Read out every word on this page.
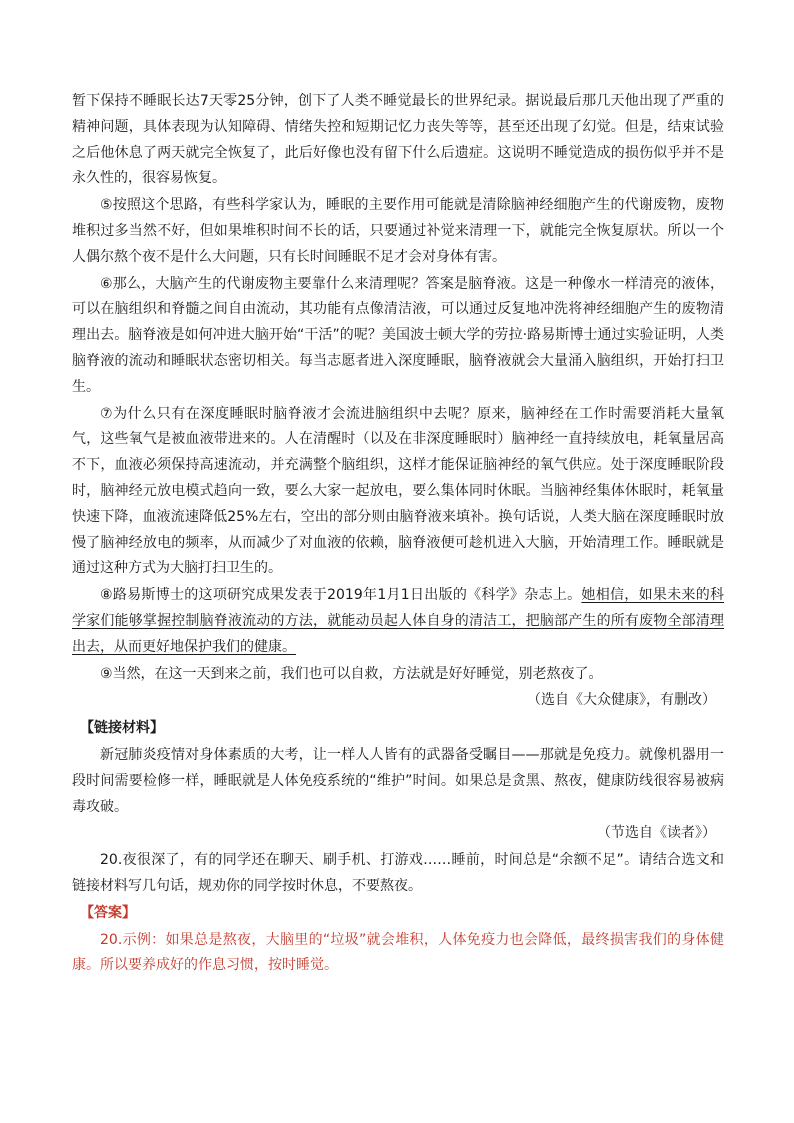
暂下保持不睡眠长达7天零25分钟，创下了人类不睡觉最长的世界纪录。据说最后那几天他出现了严重的精神问题，具体表现为认知障碍、情绪失控和短期记忆力丧失等等，甚至还出现了幻觉。但是，结束试验之后他休息了两天就完全恢复了，此后好像也没有留下什么后遗症。这说明不睡觉造成的损伤似乎并不是永久性的，很容易恢复。

⑤按照这个思路，有些科学家认为，睡眠的主要作用可能就是清除脑神经细胞产生的代谢废物，废物堆积过多当然不好，但如果堆积时间不长的话，只要通过补觉来清理一下，就能完全恢复原状。所以一个人偶尔熬个夜不是什么大问题，只有长时间睡眠不足才会对身体有害。

⑥那么，大脑产生的代谢废物主要靠什么来清理呢？答案是脑脊液。这是一种像水一样清亮的液体，可以在脑组织和脊髓之间自由流动，其功能有点像清洁液，可以通过反复地冲洗将神经细胞产生的废物清理出去。脑脊液是如何冲进大脑开始“干活”的呢？美国波士顿大学的劳拉·路易斯博士通过实验证明，人类脑脊液的流动和睡眠状态密切相关。每当志愿者进入深度睡眠，脑脊液就会大量涌入脑组织，开始打扫卫生。

⑦为什么只有在深度睡眠时脑脊液才会流进脑组织中去呢？原来，脑神经在工作时需要消耗大量氧气，这些氧气是被血液带进来的。人在清醒时（以及在非深度睡眠时）脑神经一直持续放电，耗氧量居高不下，血液必须保持高速流动，并充满整个脑组织，这样才能保证脑神经的氧气供应。处于深度睡眠阶段时，脑神经元放电模式趋向一致，要么大家一起放电，要么集体同时休眠。当脑神经集体休眠时，耗氧量快速下降，血液流速降低25%左右，空出的部分则由脑脊液来填补。换句话说，人类大脑在深度睡眠时放慢了脑神经放电的频率，从而减少了对血液的依赖，脑脊液便可趁机进入大脑，开始清理工作。睡眠就是通过这种方式为大脑打扫卫生的。

⑧路易斯博士的这项研究成果发表于2019年1月1日出版的《科学》杂志上。她相信，如果未来的科学家们能够掌握控制脑脊液流动的方法，就能动员起人体自身的清洁工，把脑部产生的所有废物全部清理出去，从而更好地保护我们的健康。

⑨当然，在这一天到来之前，我们也可以自救，方法就是好好睡觉，别老熬夜了。

（选自《大众健康》，有删改）

【链接材料】

新冠肺炎疫情对身体素质的大考，让一样人人皆有的武器备受瞩目——那就是免疫力。就像机器用一段时间需要检修一样，睡眠就是人体免疫系统的“维护”时间。如果总是贪黑、熬夜，健康防线很容易被病毒攻破。

（节选自《读者》）

20.夜很深了，有的同学还在聊天、刷手机、打游戏……睡前，时间总是“余额不足”。请结合选文和链接材料写几句话，规劝你的同学按时休息，不要熬夜。

【答案】

20.示例：如果总是熬夜，大脑里的“垃圾”就会堆积，人体免疫力也会降低，最终损害我们的身体健康。所以要养成好的作息习惯，按时睡觉。
